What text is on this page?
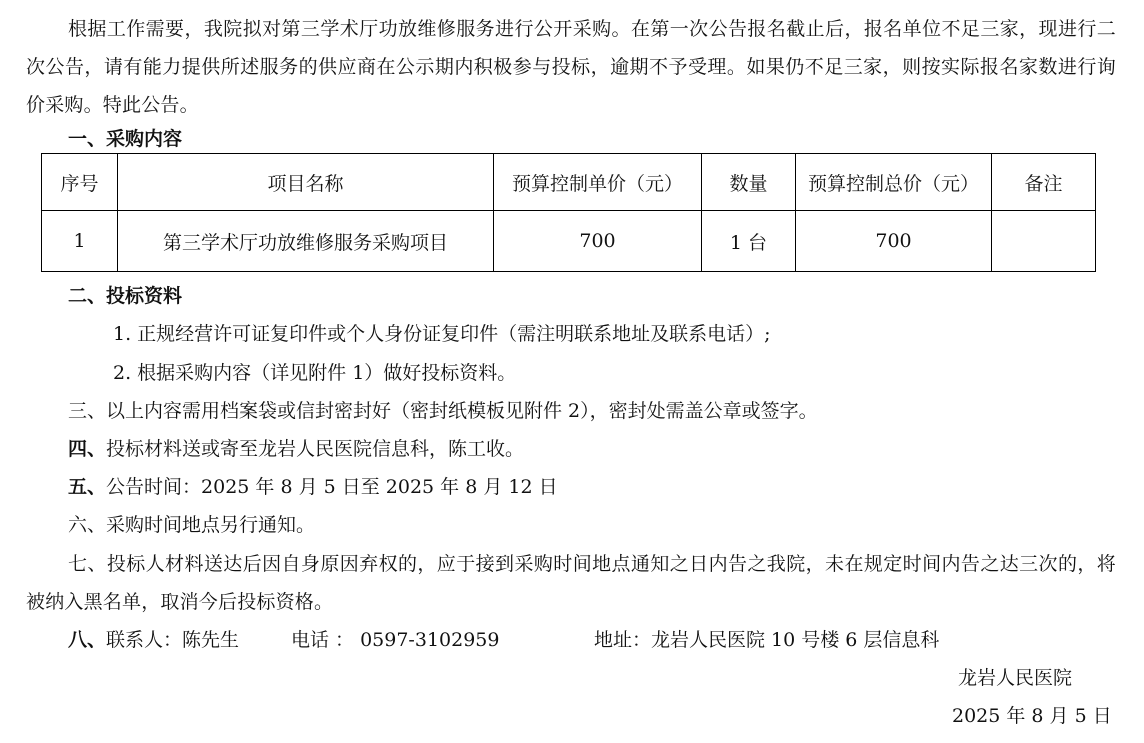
根据工作需要，我院拟对第三学术厅功放维修服务进行公开采购。在第一次公告报名截止后，报名单位不足三家，现进行二次公告，请有能力提供所述服务的供应商在公示期内积极参与投标，逾期不予受理。如果仍不足三家，则按实际报名家数进行询价采购。特此公告。
一、采购内容
序号	项目名称	预算控制单价（元）	数量	预算控制总价（元）	备注
1	第三学术厅功放维修服务采购项目	700	1 台	700	
二、投标资料
1. 正规经营许可证复印件或个人身份证复印件（需注明联系地址及联系电话）;
2. 根据采购内容（详见附件 1）做好投标资料。
三、以上内容需用档案袋或信封密封好（密封纸模板见附件 2），密封处需盖公章或签字。
四、投标材料送或寄至龙岩人民医院信息科，陈工收。
五、公告时间：2025 年 8 月 5 日至 2025 年 8 月 12 日
六、采购时间地点另行通知。
七、投标人材料送达后因自身原因弃权的，应于接到采购时间地点通知之日内告之我院，未在规定时间内告之达三次的，将被纳入黑名单，取消今后投标资格。
八、联系人：陈先生	电话 ： 0597-3102959	地址：龙岩人民医院 10 号楼 6 层信息科
龙岩人民医院
2025 年 8 月 5 日
